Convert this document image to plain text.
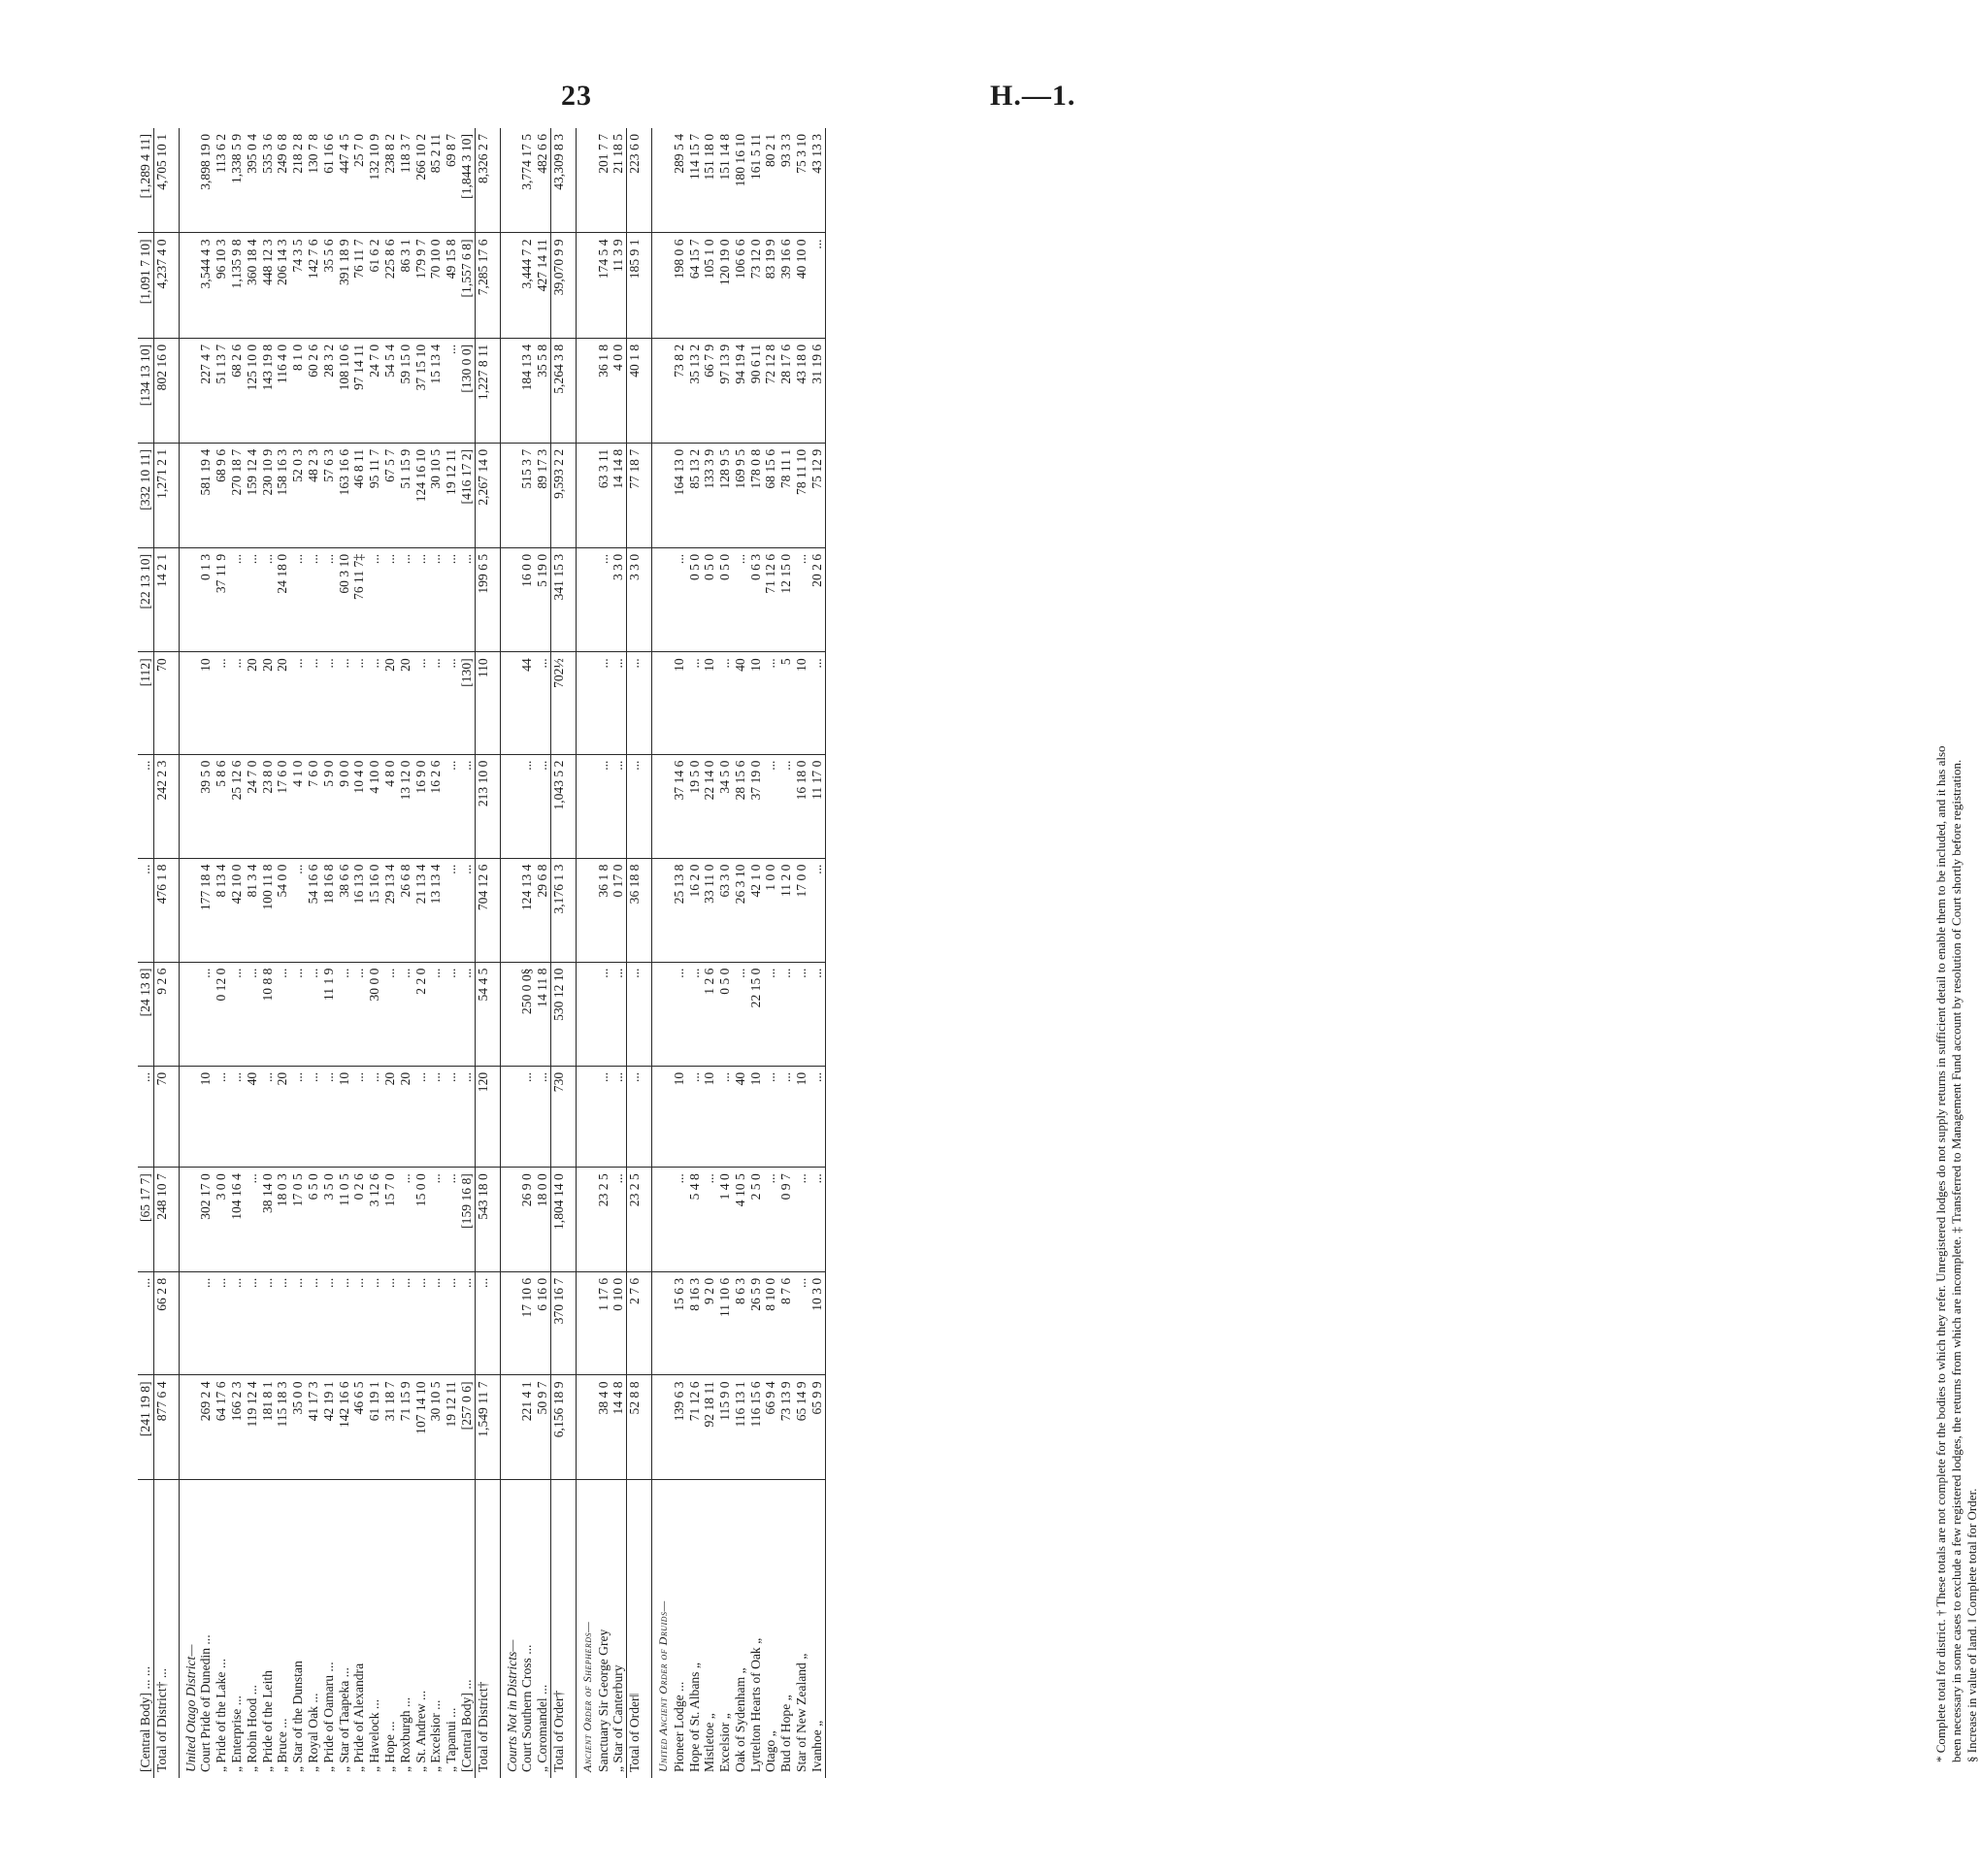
23	H.—1.
[Central Body] ... ...	[241 19 8]	...	[65 17 7]	...	[24 13 8]	...	...	[112]	[22 13 10]	[332 10 11]	[134 13 10]	[1,091 7 10]	[1,289 4 11]
Total of District† ...	877 6 4	66 2 8	248 10 7	70	9 2 6	476 1 8	242 2 3	70	14 2 1	1,271 2 1	802 16 0	4,237 4 0	4,705 10 1

United Otago District—													
Court Pride of Dunedin ...	269 2 4	...	302 17 0	10	...	177 18 4	39 5 0	10	0 1 3	581 19 4	227 4 7	3,544 4 3	3,898 19 0
„ Pride of the Lake ...	64 17 6	...	3 0 0	...	0 12 0	8 13 4	5 8 6	...	37 11 9	68 9 6	51 13 7	96 10 3	113 6 2
„ Enterprise ...	166 2 3	...	104 16 4	...	...	42 10 0	25 12 6	...	...	270 18 7	68 2 6	1,135 9 8	1,338 5 9
„ Robin Hood ...	119 12 4	...	...	40	...	81 3 4	24 7 0	20	...	159 12 4	125 10 0	360 18 4	395 0 4
„ Pride of the Leith	181 8 1	...	38 14 0	...	10 8 8	100 11 8	23 8 0	20	...	230 10 9	143 19 8	448 12 3	535 3 6
„ Bruce ...	115 18 3	...	18 0 3	20	...	54 0 0	17 6 0	20	24 18 0	158 16 3	116 4 0	206 14 3	249 6 8
„ Star of the Dunstan	35 0 0	...	17 0 5	...	...	...	4 1 0	...	...	52 0 3	8 1 0	74 3 5	218 2 8
„ Royal Oak ...	41 17 3	...	6 5 0	...	...	54 16 6	7 6 0	...	...	48 2 3	60 2 6	142 7 6	130 7 8
„ Pride of Oamaru ...	42 19 1	...	3 5 0	...	11 1 9	18 16 8	5 9 0	...	...	57 6 3	28 3 2	35 5 6	61 16 6
„ Star of Taapeka ...	142 16 6	...	11 0 5	10	...	38 6 6	9 0 0	...	60 3 10	163 16 6	108 10 6	391 18 9	447 4 5
„ Pride of Alexandra	46 6 5	...	0 2 6	...	...	16 13 0	10 4 0	...	76 11 7‡	46 8 11	97 14 11	76 11 7	25 7 0
„ Havelock ...	61 19 1	...	3 12 6	...	30 0 0	15 16 0	4 10 0	...	...	95 11 7	24 7 0	61 6 2	132 10 9
„ Hope ...	31 18 7	...	15 7 0	20	...	29 13 4	4 8 0	20	...	67 5 7	54 5 4	225 8 6	238 8 2
„ Roxburgh ...	71 15 9	...	...	20	...	26 6 8	13 12 0	20	...	51 15 9	59 15 0	86 3 1	118 3 7
„ St. Andrew ...	107 14 10	...	15 0 0	...	2 2 0	21 13 4	16 9 0	...	...	124 16 10	37 15 10	179 9 7	266 10 2
„ Excelsior ...	30 10 5	...	...	...	...	13 13 4	16 2 6	...	...	30 10 5	15 13 4	70 10 0	85 2 11
„ Tapanui ...	19 12 11	...	...	...	...	...	...	...	...	19 12 11	...	49 15 8	69 8 7
[Central Body] ...	[257 0 6]	...	[159 16 8]	...	...	...	...	[130]	...	[416 17 2]	[130 0 0]	[1,557 6 8]	[1,844 3 10]
Total of District†	1,549 11 7	...	543 18 0	120	54 4 5	704 12 6	213 10 0	110	199 6 5	2,267 14 0	1,227 8 11	7,285 17 6	8,326 2 7

Courts Not in Districts—													
Court Southern Cross ...	221 4 1	17 10 6	26 9 0	...	250 0 0§	124 13 4	...	44	16 0 0	515 3 7	184 13 4	3,444 7 2	3,774 17 5
„ Coromandel ...	50 9 7	6 16 0	18 0 0	...	14 11 8	29 6 8	...	...	5 19 0	89 17 3	35 5 8	427 14 11	482 6 6
Total of Order†	6,156 18 9	370 16 7	1,804 14 0	730	530 12 10	3,176 1 3	1,043 5 2	702½	341 15 3	9,593 2 2	5,264 3 8	39,070 9 9	43,309 8 3

Ancient Order of Shepherds—													
Sanctuary Sir George Grey	38 4 0	1 17 6	23 2 5	...	...	36 1 8	...	...	...	63 3 11	36 1 8	174 5 4	201 7 7
„ Star of Canterbury	14 4 8	0 10 0	...	...	...	0 17 0	...	...	3 3 0	14 14 8	4 0 0	11 3 9	21 18 5
Total of Order‖	52 8 8	2 7 6	23 2 5	...	...	36 18 8	...	...	3 3 0	77 18 7	40 1 8	185 9 1	223 6 0

United Ancient Order of Druids—													
Pioneer Lodge ...	139 6 3	15 6 3	...	10	...	25 13 8	37 14 6	10	...	164 13 0	73 8 2	198 0 6	289 5 4
Hope of St. Albans „	71 12 6	8 16 3	5 4 8	...	...	16 2 0	19 5 0	...	0 5 0	85 13 2	35 13 2	64 15 7	114 15 7
Mistletoe „	92 18 11	9 2 0	...	10	1 2 6	33 11 0	22 14 0	10	0 5 0	133 3 9	66 7 9	105 1 0	151 18 0
Excelsior „	115 9 0	11 10 6	1 4 0	...	0 5 0	63 3 0	34 5 0	...	0 5 0	128 9 5	97 13 9	120 19 0	151 14 8
Oak of Sydenham „	116 13 1	8 6 3	4 10 5	40	...	26 3 10	28 15 6	40	...	169 9 5	94 19 4	106 6 6	180 16 10
Lyttelton Hearts of Oak „	116 15 6	26 5 9	2 5 0	10	22 15 0	42 1 0	37 19 0	10	0 6 3	178 0 8	90 6 11	73 12 0	161 5 11
Otago „	66 9 4	8 10 0	...	...	...	1 0 0	...	...	71 12 6	68 15 6	72 12 8	83 19 9	80 2 1
Bud of Hope „	73 13 9	8 7 6	0 9 7	...	...	11 2 0	...	5	12 15 0	78 11 1	28 17 6	39 16 6	93 3 3
Star of New Zealand „	65 14 9	...	...	10	...	17 0 0	16 18 0	10	...	78 11 10	43 18 0	40 10 0	75 3 10
Ivanhoe „	65 9 9	10 3 0	...	...	...	...	11 17 0	...	20 2 6	75 12 9	31 19 6	...	43 13 3
* Complete total for district. † These totals are not complete for the bodies to which they refer. Unregistered lodges do not supply returns in sufficient detail to enable them to be included, and it has also been necessary in some cases to exclude a few registered lodges, the returns from which are incomplete. ‡ Transferred to Management Fund account by resolution of Court shortly before registration. § Increase in value of land. ‖ Complete total for Order.
